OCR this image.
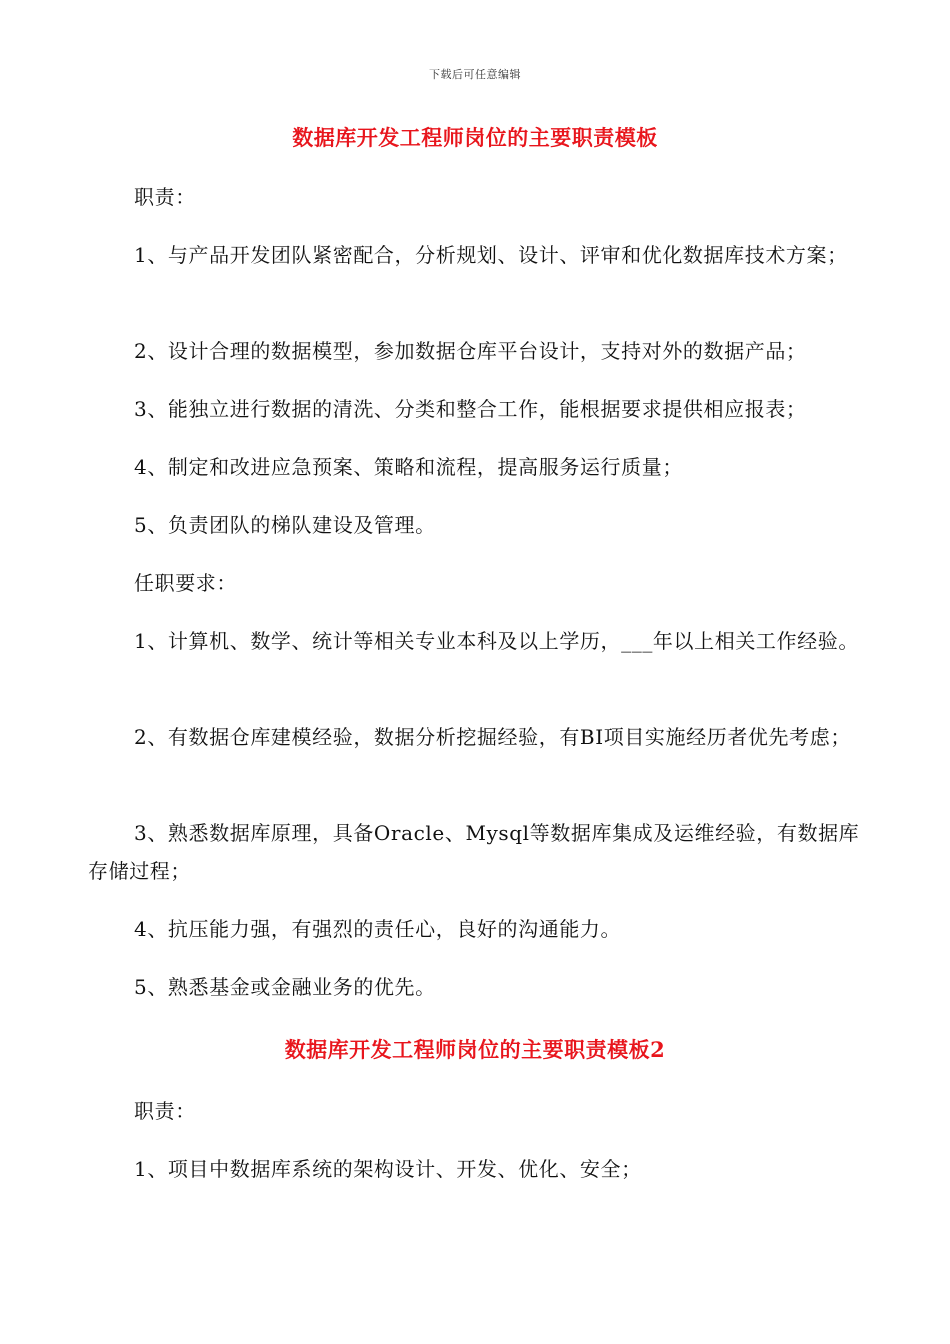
下载后可任意编辑
数据库开发工程师岗位的主要职责模板
职责：
1、与产品开发团队紧密配合，分析规划、设计、评审和优化数据库技术方案；
2、设计合理的数据模型，参加数据仓库平台设计，支持对外的数据产品；
3、能独立进行数据的清洗、分类和整合工作，能根据要求提供相应报表；
4、制定和改进应急预案、策略和流程，提高服务运行质量；
5、负责团队的梯队建设及管理。
任职要求：
1、计算机、数学、统计等相关专业本科及以上学历，___年以上相关工作经验。
2、有数据仓库建模经验，数据分析挖掘经验，有BI项目实施经历者优先考虑；
3、熟悉数据库原理，具备Oracle、Mysql等数据库集成及运维经验，有数据库存储过程；
4、抗压能力强，有强烈的责任心，良好的沟通能力。
5、熟悉基金或金融业务的优先。
数据库开发工程师岗位的主要职责模板2
职责：
1、项目中数据库系统的架构设计、开发、优化、安全；
